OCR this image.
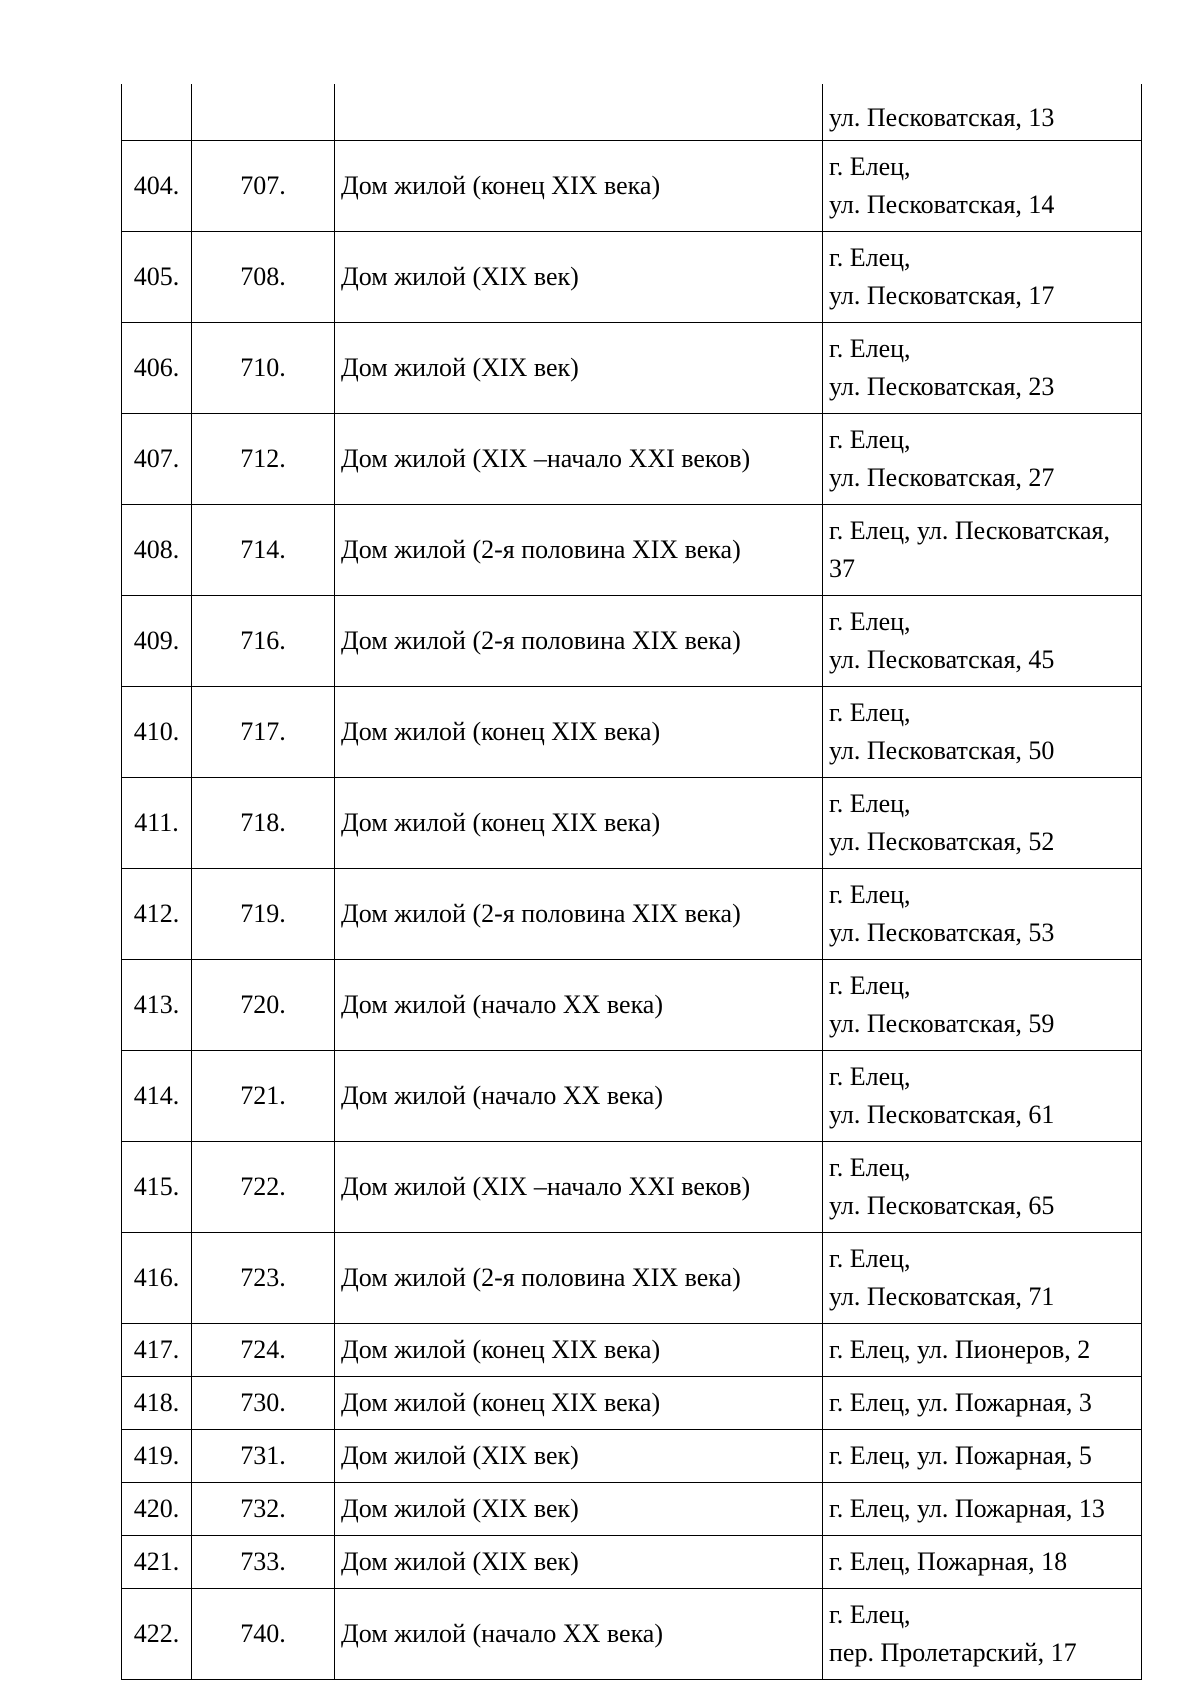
			ул. Песковатская, 13

404.	707.	Дом жилой (конец XIX века)	г. Елец,
ул. Песковатская, 14

405.	708.	Дом жилой (XIX век)	г. Елец,
ул. Песковатская, 17

406.	710.	Дом жилой (XIX век)	г. Елец,
ул. Песковатская, 23

407.	712.	Дом жилой (XIX –начало XXI веков)	г. Елец,
ул. Песковатская, 27

408.	714.	Дом жилой (2-я половина XIX века)	г. Елец, ул. Песковатская,
37

409.	716.	Дом жилой (2-я половина XIX века)	г. Елец,
ул. Песковатская, 45

410.	717.	Дом жилой (конец XIX века)	г. Елец,
ул. Песковатская, 50

411.	718.	Дом жилой (конец XIX века)	г. Елец,
ул. Песковатская, 52

412.	719.	Дом жилой (2-я половина XIX века)	г. Елец,
ул. Песковатская, 53

413.	720.	Дом жилой (начало XX века)	г. Елец,
ул. Песковатская, 59

414.	721.	Дом жилой (начало XX века)	г. Елец,
ул. Песковатская, 61

415.	722.	Дом жилой (XIX –начало XXI веков)	г. Елец,
ул. Песковатская, 65

416.	723.	Дом жилой (2-я половина XIX века)	г. Елец,
ул. Песковатская, 71

417.	724.	Дом жилой (конец XIX века)	г. Елец, ул. Пионеров, 2

418.	730.	Дом жилой (конец XIX века)	г. Елец, ул. Пожарная, 3

419.	731.	Дом жилой (XIX век)	г. Елец, ул. Пожарная, 5

420.	732.	Дом жилой (XIX век)	г. Елец, ул. Пожарная, 13

421.	733.	Дом жилой (XIX век)	г. Елец, Пожарная, 18

422.	740.	Дом жилой (начало XX века)	г. Елец,
пер. Пролетарский, 17
